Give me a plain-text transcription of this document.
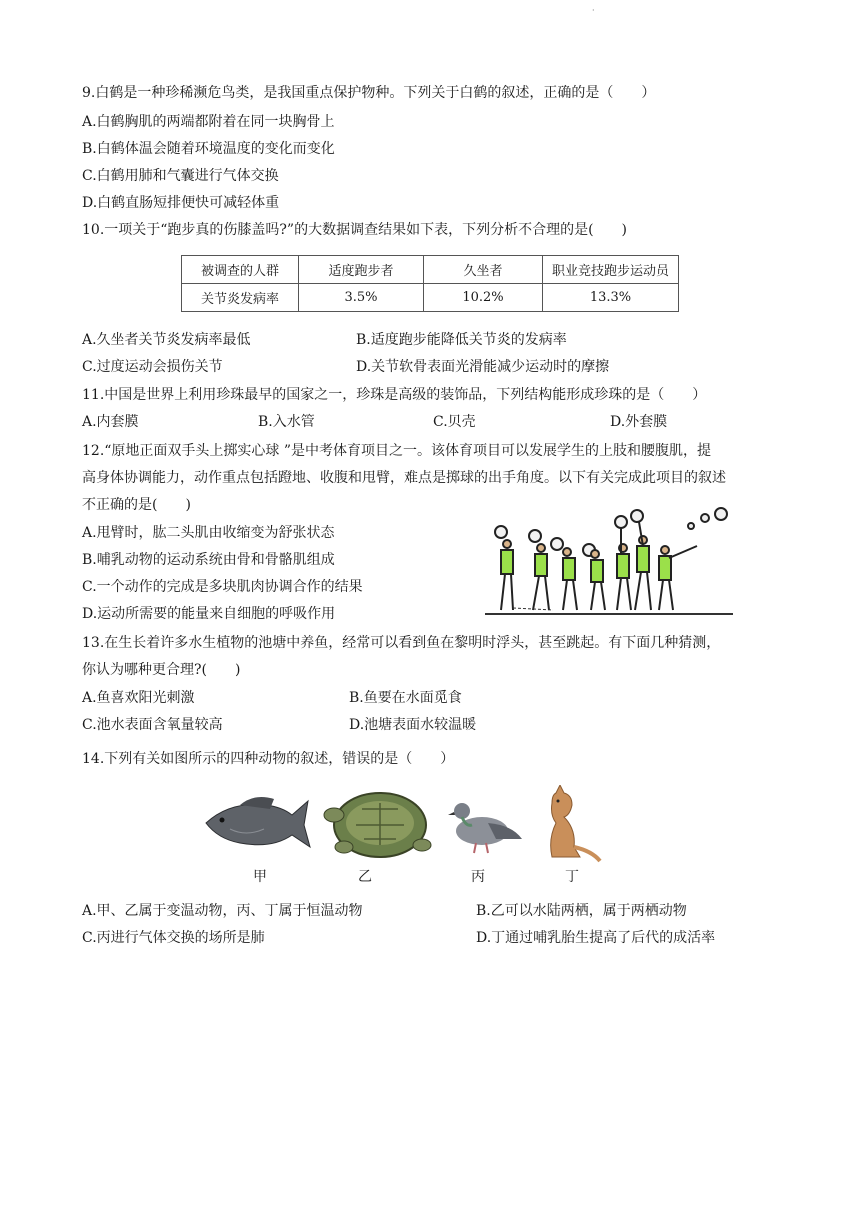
·
9.白鹤是一种珍稀濒危鸟类，是我国重点保护物种。下列关于白鹤的叙述，正确的是（　　）
A.白鹤胸肌的两端都附着在同一块胸骨上
B.白鹤体温会随着环境温度的变化而变化
C.白鹤用肺和气囊进行气体交换
D.白鹤直肠短排便快可减轻体重
10.一项关于“跑步真的伤膝盖吗?”的大数据调查结果如下表，下列分析不合理的是(　　)
被调查的人群	适度跑步者	久坐者	职业竞技跑步运动员
关节炎发病率	3.5%	10.2%	13.3%
A.久坐者关节炎发病率最低	B.适度跑步能降低关节炎的发病率
C.过度运动会损伤关节	D.关节软骨表面光滑能减少运动时的摩擦
11.中国是世界上利用珍珠最早的国家之一，珍珠是高级的装饰品，下列结构能形成珍珠的是（　　）
A.内套膜	B.入水管	C.贝壳	D.外套膜
12.“原地正面双手头上掷实心球 ”是中考体育项目之一。该体育项目可以发展学生的上肢和腰腹肌，提
高身体协调能力，动作重点包括蹬地、收腹和甩臂，难点是掷球的出手角度。以下有关完成此项目的叙述
不正确的是(　　)
A.甩臂时，肱二头肌由收缩变为舒张状态
B.哺乳动物的运动系统由骨和骨骼肌组成
C.一个动作的完成是多块肌肉协调合作的结果
D.运动所需要的能量来自细胞的呼吸作用
13.在生长着许多水生植物的池塘中养鱼，经常可以看到鱼在黎明时浮头，甚至跳起。有下面几种猜测，
你认为哪种更合理?(　　)
A.鱼喜欢阳光刺激	B.鱼要在水面觅食
C.池水表面含氧量较高	D.池塘表面水较温暖
14.下列有关如图所示的四种动物的叙述，错误的是（　　）
甲	乙	丙	丁
A.甲、乙属于变温动物，丙、丁属于恒温动物	B.乙可以水陆两栖，属于两栖动物
C.丙进行气体交换的场所是肺	D.丁通过哺乳胎生提高了后代的成活率
